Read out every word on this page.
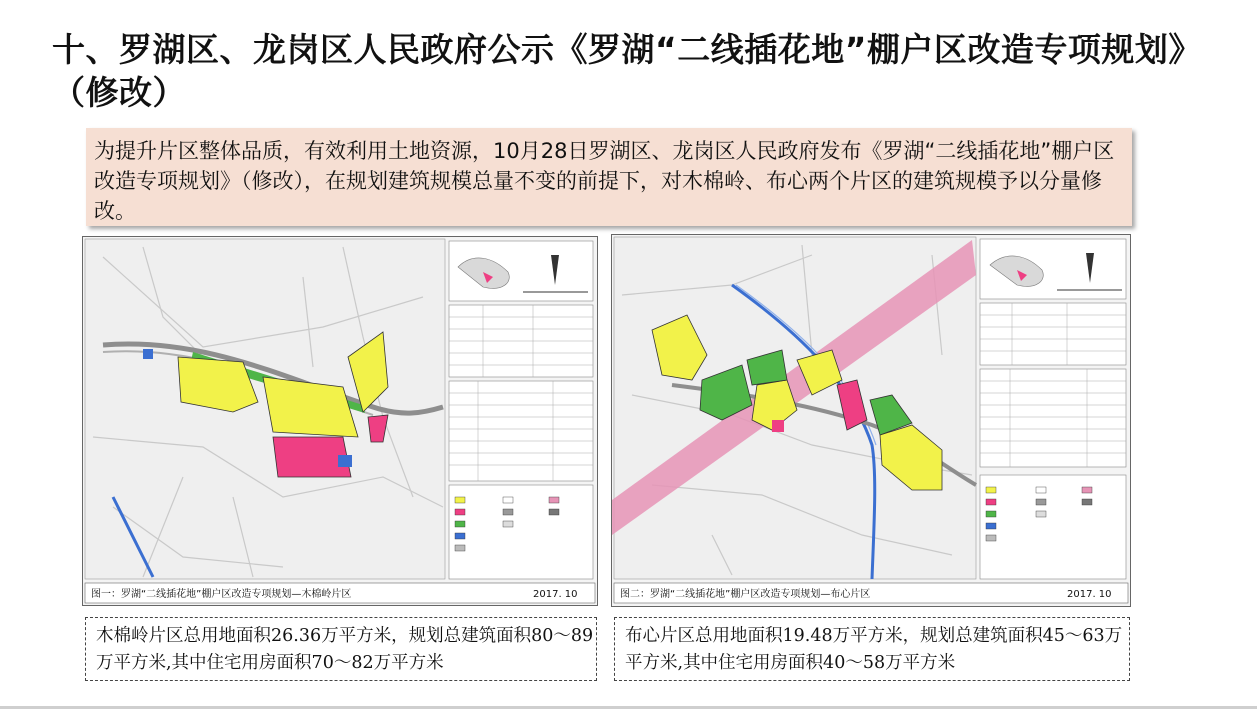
十、罗湖区、龙岗区人民政府公示《罗湖“二线插花地”棚户区改造专项规划》（修改）

为提升片区整体品质，有效利用土地资源，10月28日罗湖区、龙岗区人民政府发布《罗湖“二线插花地”棚户区改造专项规划》（修改），在规划建筑规模总量不变的前提下，对木棉岭、布心两个片区的建筑规模予以分量修改。

图一：罗湖“二线插花地”棚户区改造专项规划—木棉岭片区	2017. 10	图二：罗湖“二线插花地”棚户区改造专项规划—布心片区	2017. 10

木棉岭片区总用地面积26.36万平方米，规划总建筑面积80～89万平方米,其中住宅用房面积70～82万平方米

布心片区总用地面积19.48万平方米，规划总建筑面积45～63万平方米,其中住宅用房面积40～58万平方米
